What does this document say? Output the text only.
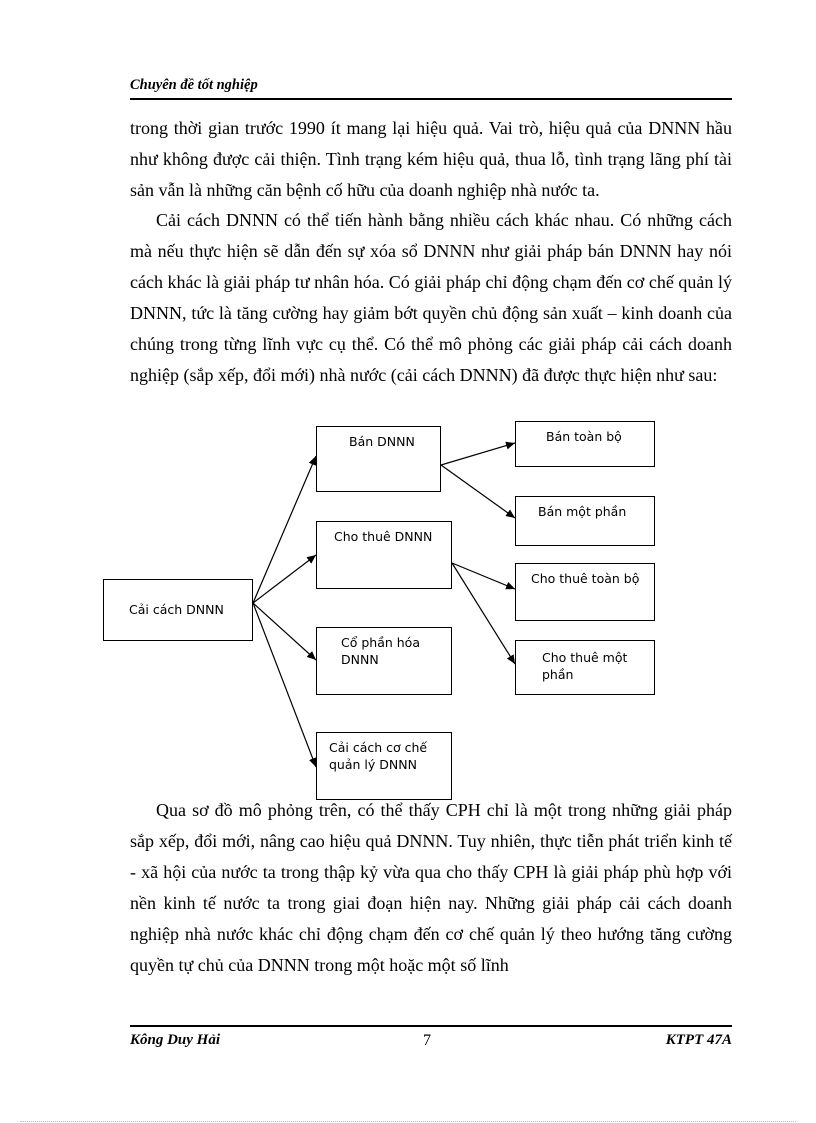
Chuyên đề tốt nghiệp

trong thời gian trước 1990 ít mang lại hiệu quả. Vai trò, hiệu quả của DNNN hầu như không được cải thiện. Tình trạng kém hiệu quả, thua lỗ, tình trạng lãng phí tài sản vẫn là những căn bệnh cố hữu của doanh nghiệp nhà nước ta.

Cải cách DNNN có thể tiến hành bằng nhiều cách khác nhau. Có những cách mà nếu thực hiện sẽ dẫn đến sự xóa sổ DNNN như giải pháp bán DNNN hay nói cách khác là giải pháp tư nhân hóa. Có giải pháp chỉ động chạm đến cơ chế quản lý DNNN, tức là tăng cường hay giảm bớt quyền chủ động sản xuất – kinh doanh của chúng trong từng lĩnh vực cụ thể. Có thể mô phỏng các giải pháp cải cách doanh nghiệp (sắp xếp, đổi mới) nhà nước (cải cách DNNN) đã được thực hiện như sau:

Cải cách DNNN
Bán DNNN
Cho thuê DNNN
Cổ phần hóa
DNNN
Cải cách cơ chế
quản lý DNNN
Bán toàn bộ
Bán một phần
Cho thuê toàn bộ
Cho thuê một
phần

Qua sơ đồ mô phỏng trên, có thể thấy CPH chỉ là một trong những giải pháp sắp xếp, đổi mới, nâng cao hiệu quả DNNN. Tuy nhiên, thực tiễn phát triển kinh tế - xã hội của nước ta trong thập kỷ vừa qua cho thấy CPH là giải pháp phù hợp với nền kinh tế nước ta trong giai đoạn hiện nay. Những giải pháp cải cách doanh nghiệp nhà nước khác chỉ động chạm đến cơ chế quản lý theo hướng tăng cường quyền tự chủ của DNNN trong một hoặc một số lĩnh

Kông Duy Hải	7	KTPT 47A
